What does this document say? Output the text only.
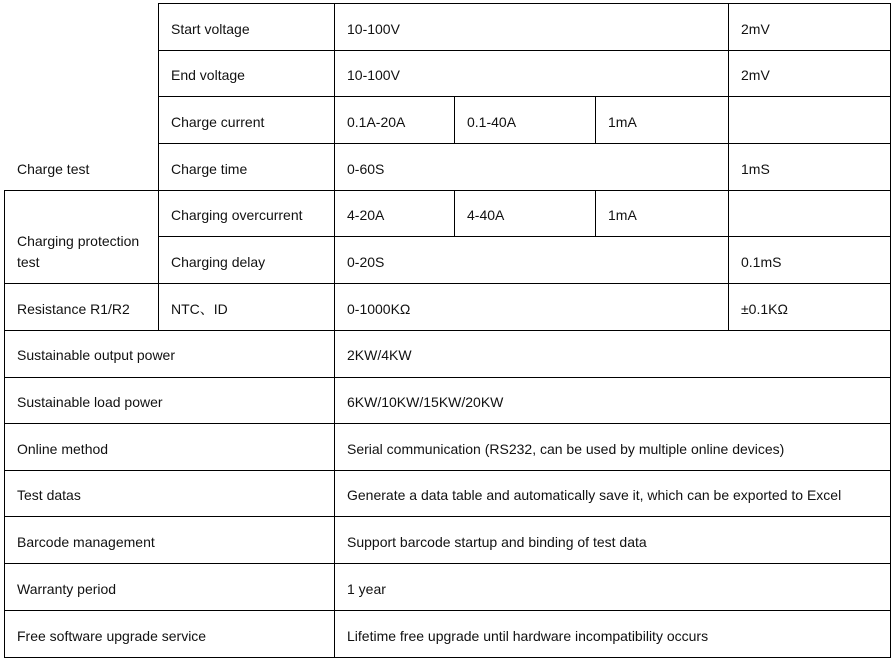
Charge test
Start voltage	10-100V	2mV
End voltage	10-100V	2mV
Charge current	0.1A-20A	0.1-40A	1mA
Charge time	0-60S	1mS
Charging protection
test
Charging overcurrent	4-20A	4-40A	1mA
Charging delay	0-20S	0.1mS
Resistance R1/R2	NTC、ID	0-1000KΩ	±0.1KΩ
Sustainable output power	2KW/4KW
Sustainable load power	6KW/10KW/15KW/20KW
Online method	Serial communication (RS232, can be used by multiple online devices)
Test datas	Generate a data table and automatically save it, which can be exported to Excel
Barcode management	Support barcode startup and binding of test data
Warranty period	1 year
Free software upgrade service	Lifetime free upgrade until hardware incompatibility occurs
